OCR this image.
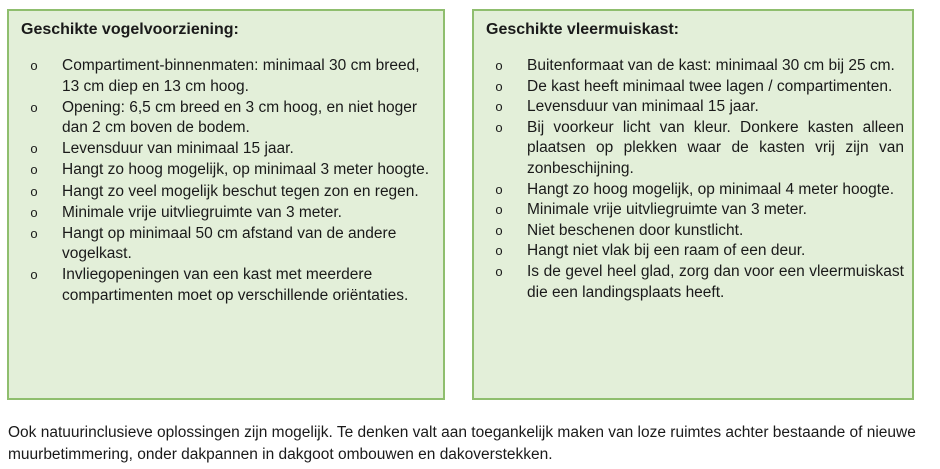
Geschikte vogelvoorziening:
o Compartiment-binnenmaten: minimaal 30 cm breed, 13 cm diep en 13 cm hoog.
o Opening: 6,5 cm breed en 3 cm hoog, en niet hoger dan 2 cm boven de bodem.
o Levensduur van minimaal 15 jaar.
o Hangt zo hoog mogelijk, op minimaal 3 meter hoogte.
o Hangt zo veel mogelijk beschut tegen zon en regen.
o Minimale vrije uitvliegruimte van 3 meter.
o Hangt op minimaal 50 cm afstand van de andere vogelkast.
o Invliegopeningen van een kast met meerdere compartimenten moet op verschillende oriëntaties.
Geschikte vleermuiskast:
o Buitenformaat van de kast: minimaal 30 cm bij 25 cm.
o De kast heeft minimaal twee lagen / compartimenten.
o Levensduur van minimaal 15 jaar.
o Bij voorkeur licht van kleur. Donkere kasten alleen plaatsen op plekken waar de kasten vrij zijn van zonbeschijning.
o Hangt zo hoog mogelijk, op minimaal 4 meter hoogte.
o Minimale vrije uitvliegruimte van 3 meter.
o Niet beschenen door kunstlicht.
o Hangt niet vlak bij een raam of een deur.
o Is de gevel heel glad, zorg dan voor een vleermuiskast die een landingsplaats heeft.

Ook natuurinclusieve oplossingen zijn mogelijk. Te denken valt aan toegankelijk maken van loze ruimtes achter bestaande of nieuwe muurbetimmering, onder dakpannen in dakgoot ombouwen en dakoverstekken.
